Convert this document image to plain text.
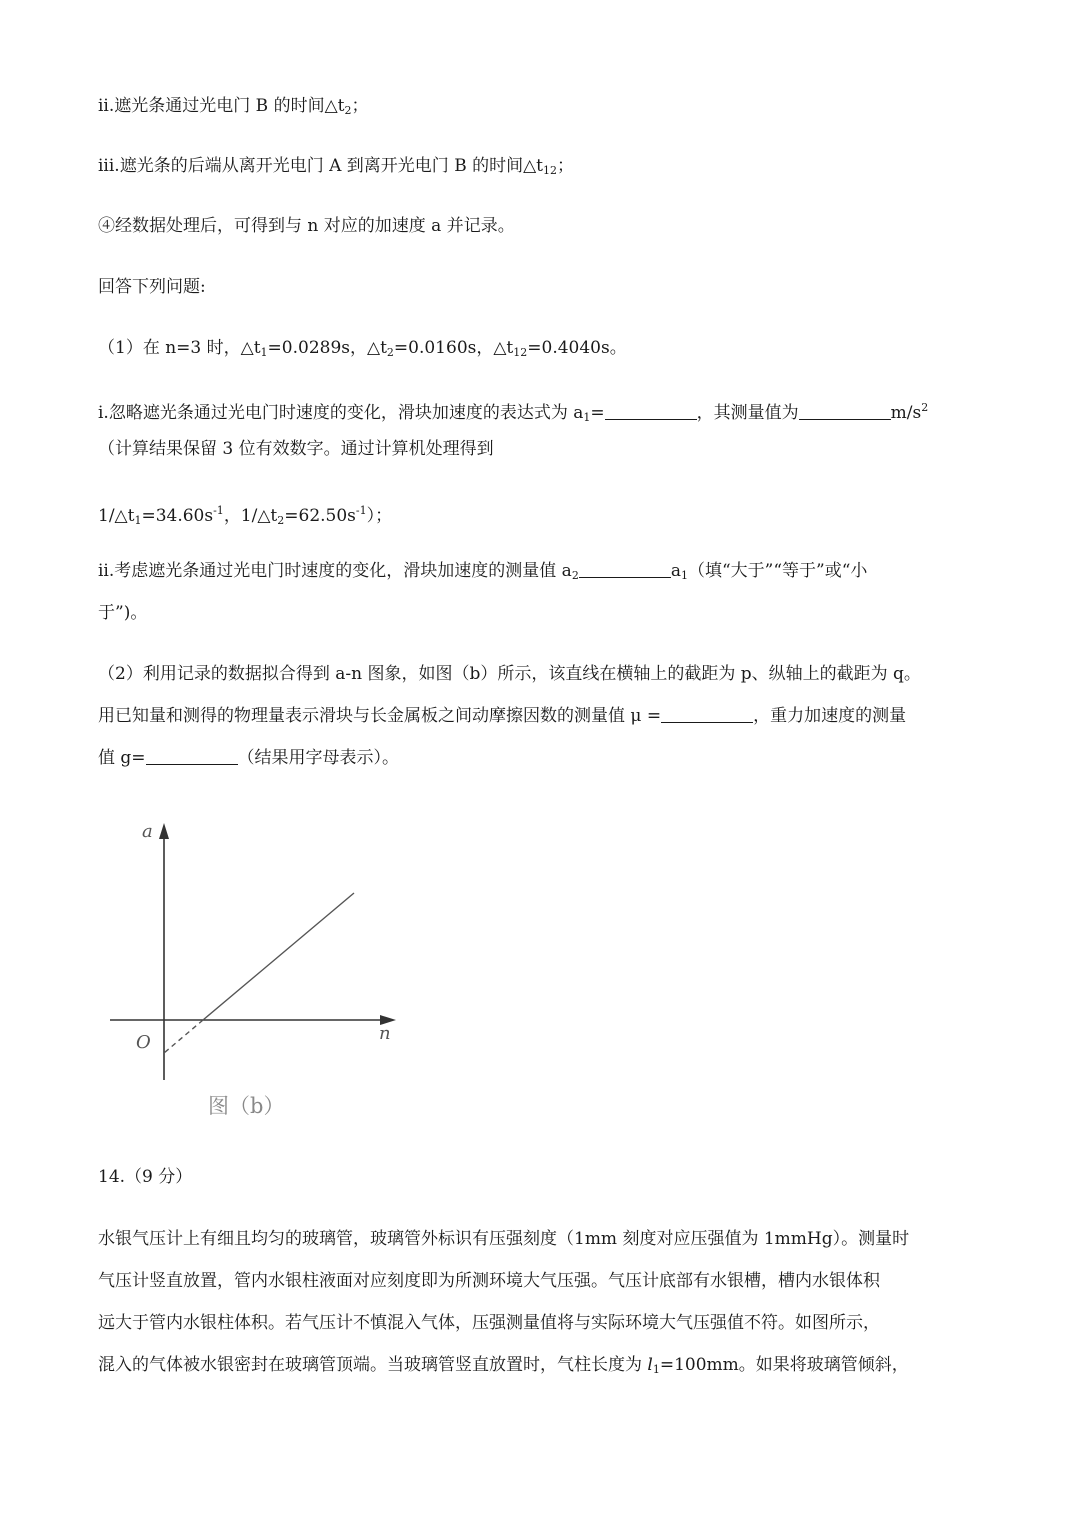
ii.遮光条通过光电门 B 的时间$\triangle t_2$；
iii.遮光条的后端从离开光电门 A 到离开光电门 B 的时间$\triangle t_{12}$；
④经数据处理后，可得到与 n 对应的加速度 a 并记录。
回答下列问题:
（1）在 n=3 时，$\triangle t_1=0.0289s$，$\triangle t_2=0.0160s$，$\triangle t_{12}=0.4040s$。
i.忽略遮光条通过光电门时速度的变化，滑块加速度的表达式为 $a_1=$	，其测量值为	$m/s^2$
（计算结果保留 3 位有效数字。通过计算机处理得到
$1/\triangle t_1=34.60s^{-1}$，$1/\triangle t_2=62.50s^{-1}$）；
ii.考虑遮光条通过光电门时速度的变化，滑块加速度的测量值 $a_2$	$a_1$（填“大于”“等于”或“小
于”)。
（2）利用记录的数据拟合得到 a-n 图象，如图（b）所示，该直线在横轴上的截距为 p、纵轴上的截距为 q。
用已知量和测得的物理量表示滑块与长金属板之间动摩擦因数的测量值 μ =	，重力加速度的测量
值 g=	（结果用字母表示）。
a
n
O
图（b）
14.（9 分）
水银气压计上有细且均匀的玻璃管，玻璃管外标识有压强刻度（1mm 刻度对应压强值为 1mmHg）。测量时
气压计竖直放置，管内水银柱液面对应刻度即为所测环境大气压强。气压计底部有水银槽，槽内水银体积
远大于管内水银柱体积。若气压计不慎混入气体，压强测量值将与实际环境大气压强值不符。如图所示，
混入的气体被水银密封在玻璃管顶端。当玻璃管竖直放置时，气柱长度为 $l_1=100mm$。如果将玻璃管倾斜，
